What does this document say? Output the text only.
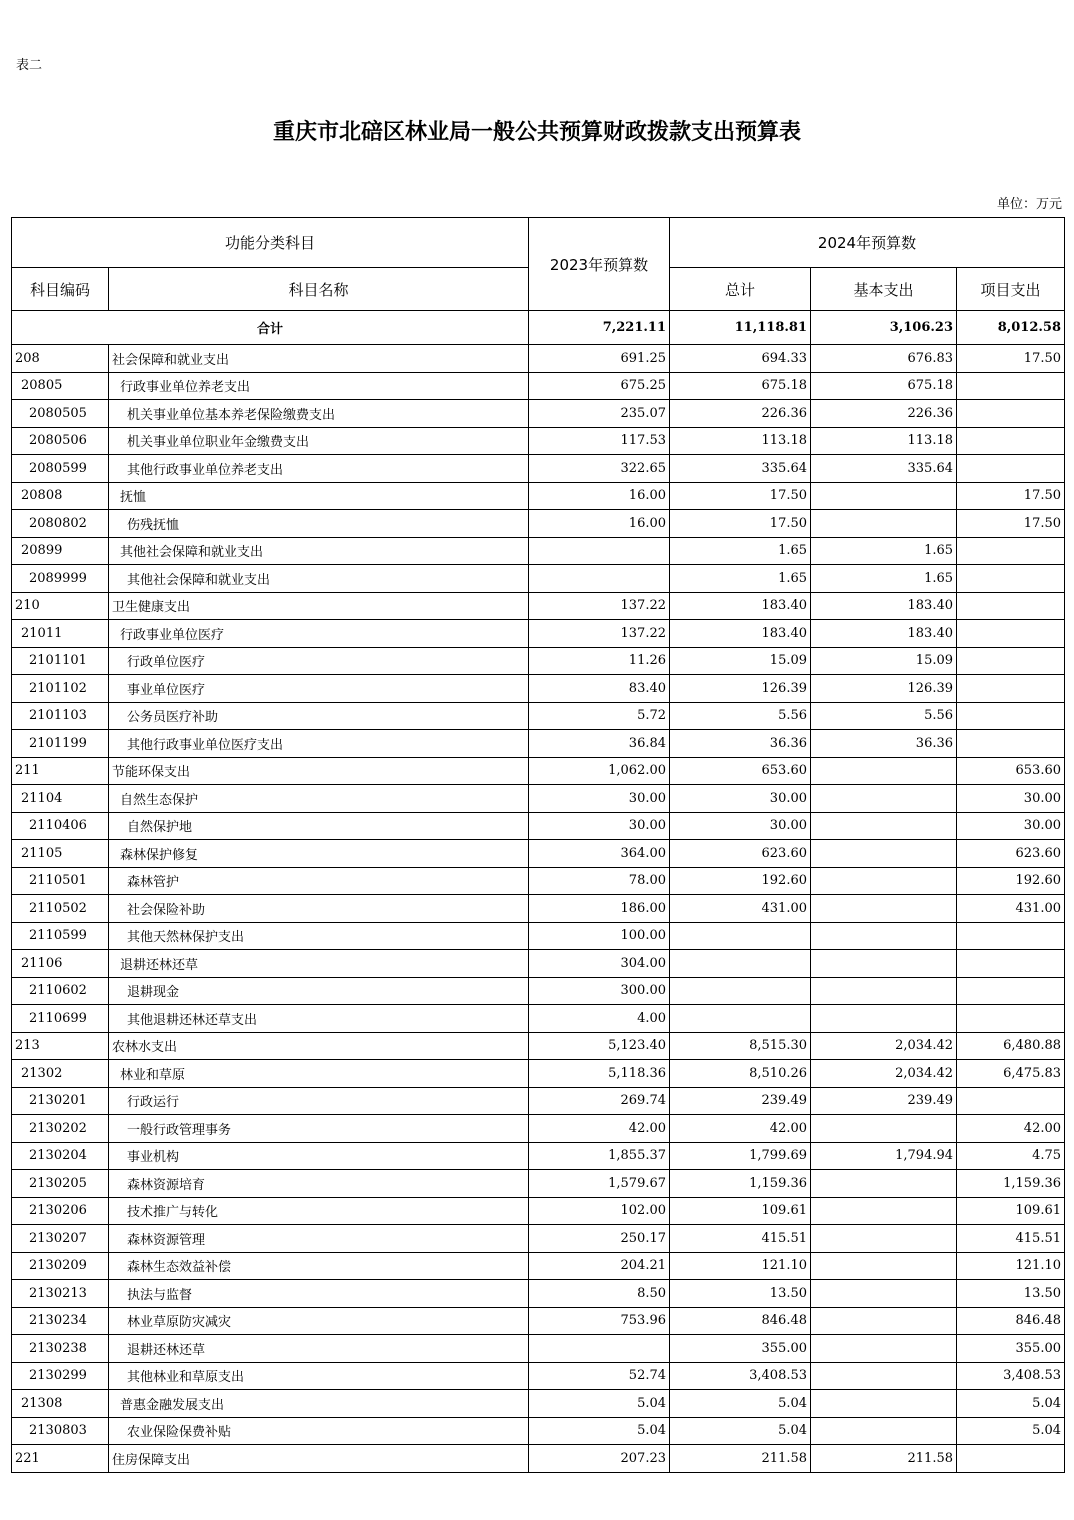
表二
重庆市北碚区林业局一般公共预算财政拨款支出预算表
单位：万元
功能分类科目		2023年预算数	2024年预算数		
科目编码	科目名称		总计	基本支出	项目支出
合计		7,221.11	11,118.81	3,106.23	8,012.58
208	社会保障和就业支出	691.25	694.33	676.83	17.50
20805	行政事业单位养老支出	675.25	675.18	675.18	
2080505	机关事业单位基本养老保险缴费支出	235.07	226.36	226.36	
2080506	机关事业单位职业年金缴费支出	117.53	113.18	113.18	
2080599	其他行政事业单位养老支出	322.65	335.64	335.64	
20808	抚恤	16.00	17.50		17.50
2080802	伤残抚恤	16.00	17.50		17.50
20899	其他社会保障和就业支出		1.65	1.65	
2089999	其他社会保障和就业支出		1.65	1.65	
210	卫生健康支出	137.22	183.40	183.40	
21011	行政事业单位医疗	137.22	183.40	183.40	
2101101	行政单位医疗	11.26	15.09	15.09	
2101102	事业单位医疗	83.40	126.39	126.39	
2101103	公务员医疗补助	5.72	5.56	5.56	
2101199	其他行政事业单位医疗支出	36.84	36.36	36.36	
211	节能环保支出	1,062.00	653.60		653.60
21104	自然生态保护	30.00	30.00		30.00
2110406	自然保护地	30.00	30.00		30.00
21105	森林保护修复	364.00	623.60		623.60
2110501	森林管护	78.00	192.60		192.60
2110502	社会保险补助	186.00	431.00		431.00
2110599	其他天然林保护支出	100.00			
21106	退耕还林还草	304.00			
2110602	退耕现金	300.00			
2110699	其他退耕还林还草支出	4.00			
213	农林水支出	5,123.40	8,515.30	2,034.42	6,480.88
21302	林业和草原	5,118.36	8,510.26	2,034.42	6,475.83
2130201	行政运行	269.74	239.49	239.49	
2130202	一般行政管理事务	42.00	42.00		42.00
2130204	事业机构	1,855.37	1,799.69	1,794.94	4.75
2130205	森林资源培育	1,579.67	1,159.36		1,159.36
2130206	技术推广与转化	102.00	109.61		109.61
2130207	森林资源管理	250.17	415.51		415.51
2130209	森林生态效益补偿	204.21	121.10		121.10
2130213	执法与监督	8.50	13.50		13.50
2130234	林业草原防灾减灾	753.96	846.48		846.48
2130238	退耕还林还草		355.00		355.00
2130299	其他林业和草原支出	52.74	3,408.53		3,408.53
21308	普惠金融发展支出	5.04	5.04		5.04
2130803	农业保险保费补贴	5.04	5.04		5.04
221	住房保障支出	207.23	211.58	211.58	
